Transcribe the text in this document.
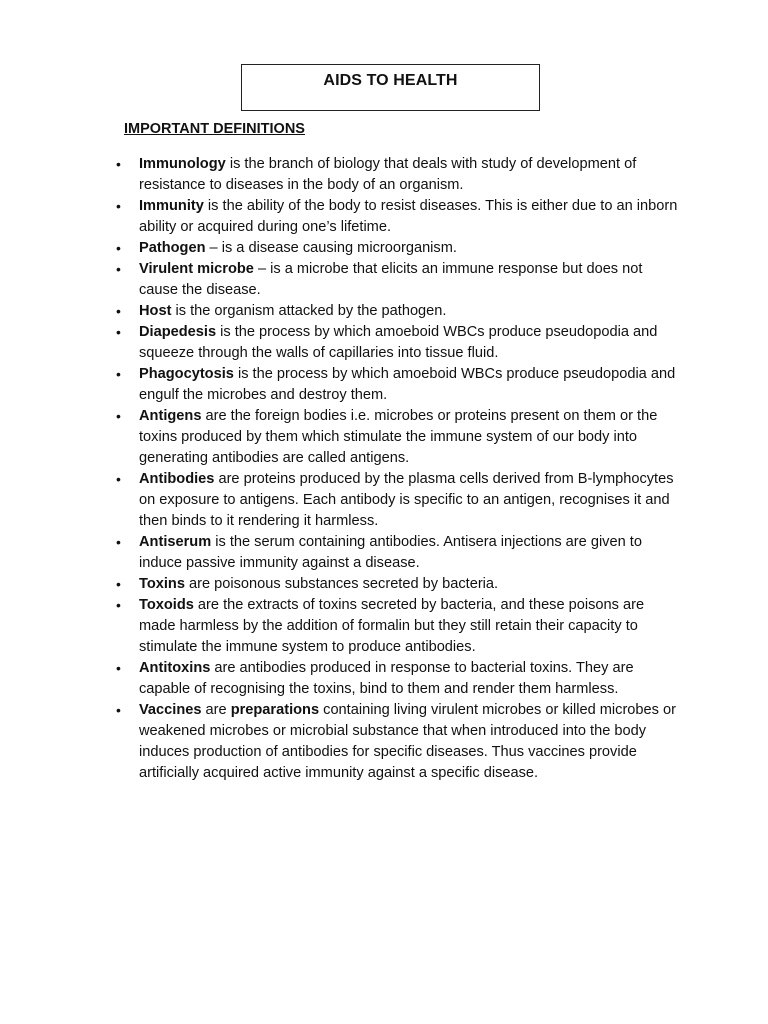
AIDS TO HEALTH
IMPORTANT DEFINITIONS
• Immunology is the branch of biology that deals with study of development of resistance to diseases in the body of an organism.
• Immunity is the ability of the body to resist diseases. This is either due to an inborn ability or acquired during one’s lifetime.
• Pathogen – is a disease causing microorganism.
• Virulent microbe – is a microbe that elicits an immune response but does not cause the disease.
• Host is the organism attacked by the pathogen.
• Diapedesis is the process by which amoeboid WBCs produce pseudopodia and squeeze through the walls of capillaries into tissue fluid.
• Phagocytosis is the process by which amoeboid WBCs produce pseudopodia and engulf the microbes and destroy them.
• Antigens are the foreign bodies i.e. microbes or proteins present on them or the toxins produced by them which stimulate the immune system of our body into generating antibodies are called antigens.
• Antibodies are proteins produced by the plasma cells derived from B-lymphocytes on exposure to antigens. Each antibody is specific to an antigen, recognises it and then binds to it rendering it harmless.
• Antiserum is the serum containing antibodies. Antisera injections are given to induce passive immunity against a disease.
• Toxins are poisonous substances secreted by bacteria.
• Toxoids are the extracts of toxins secreted by bacteria, and these poisons are made harmless by the addition of formalin but they still retain their capacity to stimulate the immune system to produce antibodies.
• Antitoxins are antibodies produced in response to bacterial toxins. They are capable of recognising the toxins, bind to them and render them harmless.
• Vaccines are preparations containing living virulent microbes or killed microbes or weakened microbes or microbial substance that when introduced into the body induces production of antibodies for specific diseases. Thus vaccines provide artificially acquired active immunity against a specific disease.
